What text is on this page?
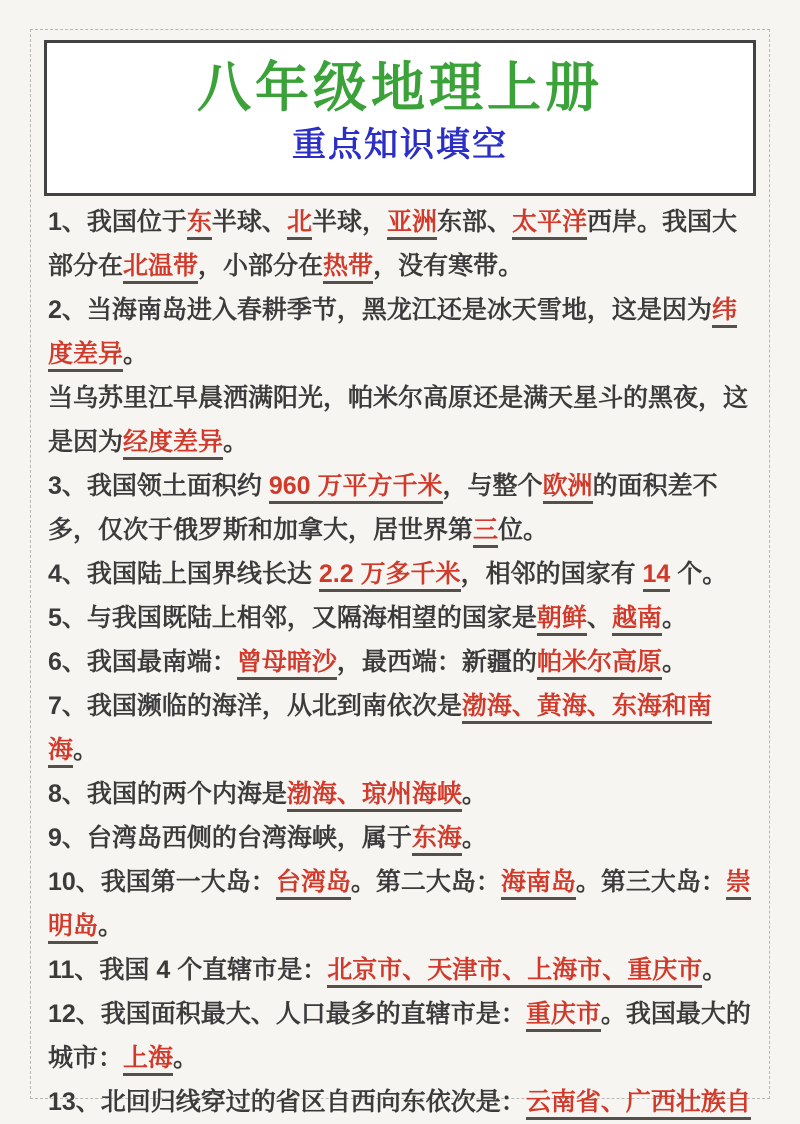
八年级地理上册
重点知识填空

1、我国位于东半球、北半球，亚洲东部、太平洋西岸。我国大部分在北温带，小部分在热带，没有寒带。

2、当海南岛进入春耕季节，黑龙江还是冰天雪地，这是因为纬度差异。

当乌苏里江早晨洒满阳光，帕米尔高原还是满天星斗的黑夜，这是因为经度差异。

3、我国领土面积约 960 万平方千米，与整个欧洲的面积差不多，仅次于俄罗斯和加拿大，居世界第三位。

4、我国陆上国界线长达 2.2 万多千米，相邻的国家有 14 个。

5、与我国既陆上相邻，又隔海相望的国家是朝鲜、越南。

6、我国最南端：曾母暗沙，最西端：新疆的帕米尔高原。

7、我国濒临的海洋，从北到南依次是渤海、黄海、东海和南海。

8、我国的两个内海是渤海、琼州海峡。

9、台湾岛西侧的台湾海峡，属于东海。

10、我国第一大岛：台湾岛。第二大岛：海南岛。第三大岛：崇明岛。

11、我国 4 个直辖市是：北京市、天津市、上海市、重庆市。

12、我国面积最大、人口最多的直辖市是：重庆市。我国最大的城市：上海。

13、北回归线穿过的省区自西向东依次是：云南省、广西壮族自
